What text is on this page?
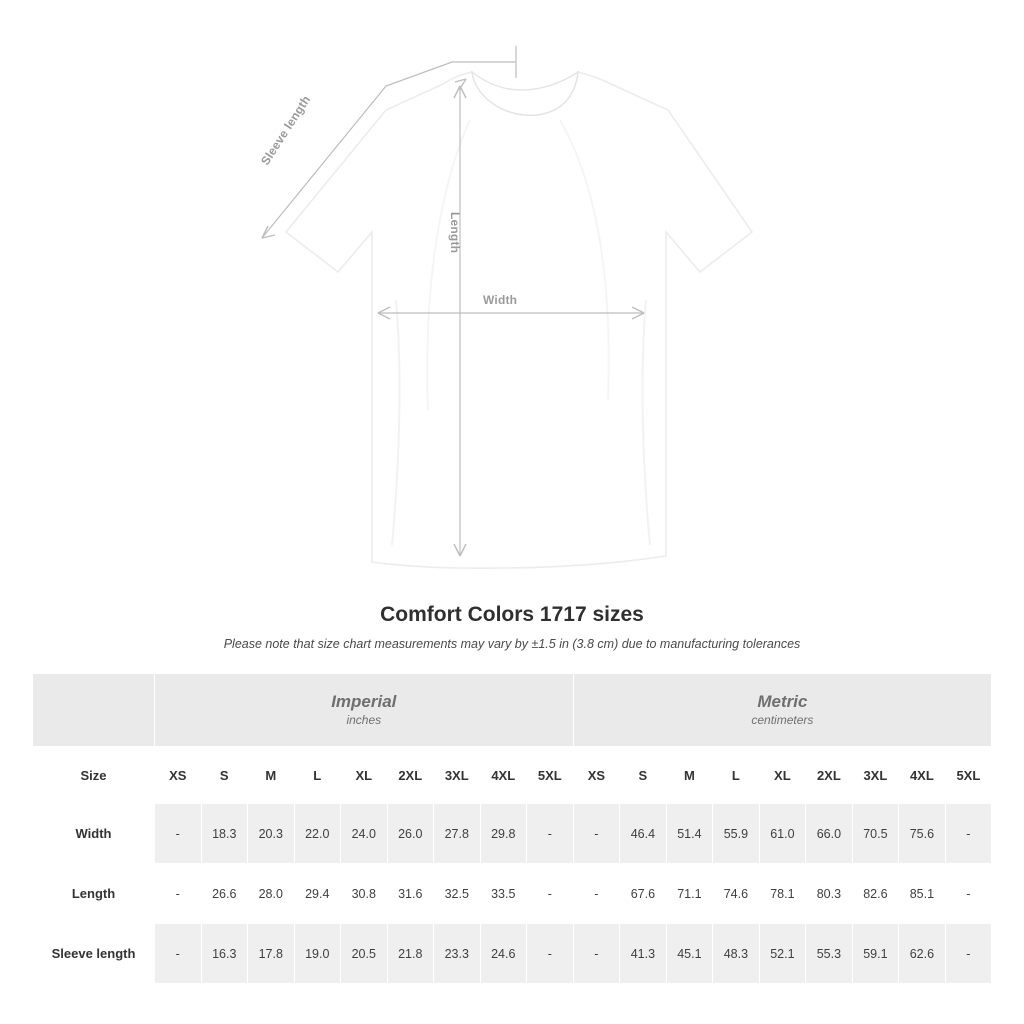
Sleeve length
Length
Width
Comfort Colors 1717 sizes

Please note that size chart measurements may vary by ±1.5 in (3.8 cm) due to manufacturing tolerances

	Imperial
inches									Metric
centimeters								

Size	XS	S	M	L	XL	2XL	3XL	4XL	5XL	XS	S	M	L	XL	2XL	3XL	4XL	5XL
Width	-	18.3	20.3	22.0	24.0	26.0	27.8	29.8	-	-	46.4	51.4	55.9	61.0	66.0	70.5	75.6	-
Length	-	26.6	28.0	29.4	30.8	31.6	32.5	33.5	-	-	67.6	71.1	74.6	78.1	80.3	82.6	85.1	-
Sleeve length	-	16.3	17.8	19.0	20.5	21.8	23.3	24.6	-	-	41.3	45.1	48.3	52.1	55.3	59.1	62.6	-
